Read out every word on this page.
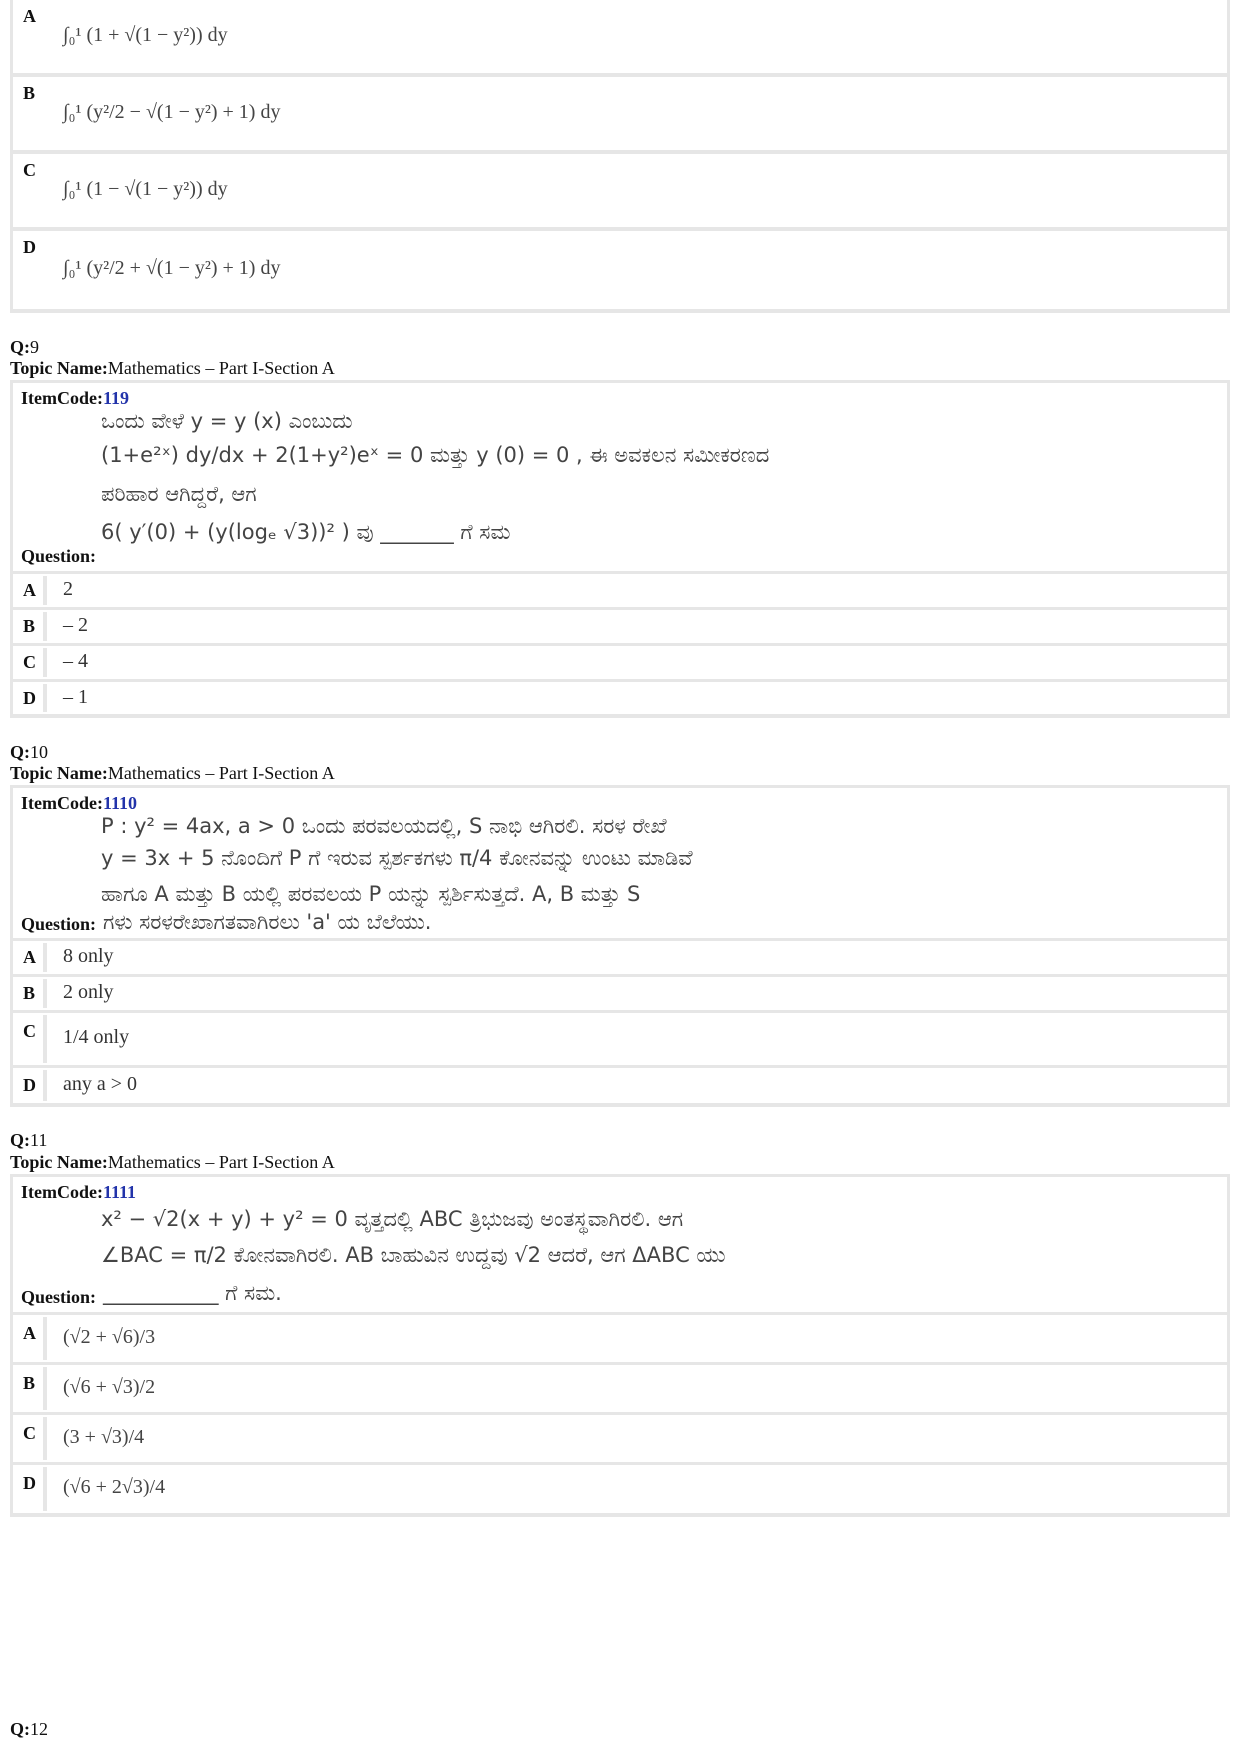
A
∫₀¹ (1 + √(1 − y²)) dy
B
∫₀¹ (y²/2 − √(1 − y²) + 1) dy
C
∫₀¹ (1 − √(1 − y²)) dy
D
∫₀¹ (y²/2 + √(1 − y²) + 1) dy
Q:9
Topic Name:Mathematics – Part I-Section A
ItemCode:119
ಒಂದು ವೇಳೆ y = y (x) ಎಂಬುದು
(1+e²ˣ) dy/dx + 2(1+y²)eˣ = 0 ಮತ್ತು y (0) = 0 , ಈ ಅವಕಲನ ಸಮೀಕರಣದ
ಪರಿಹಾರ ಆಗಿದ್ದರೆ, ಆಗ
6( y′(0) + (y(logₑ √3))² ) ವು _______ ಗೆ ಸಮ
Question:
A 2
B – 2
C – 4
D – 1
Q:10
Topic Name:Mathematics – Part I-Section A
ItemCode:1110
P : y² = 4ax, a > 0 ಒಂದು ಪರವಲಯದಲ್ಲಿ, S ನಾಭಿ ಆಗಿರಲಿ. ಸರಳ ರೇಖೆ
y = 3x + 5 ನೊಂದಿಗೆ P ಗೆ ಇರುವ ಸ್ಪರ್ಶಕಗಳು π/4 ಕೋನವನ್ನು ಉಂಟು ಮಾಡಿವೆ
ಹಾಗೂ A ಮತ್ತು B ಯಲ್ಲಿ ಪರವಲಯ P ಯನ್ನು ಸ್ಪರ್ಶಿಸುತ್ತದೆ. A, B ಮತ್ತು S
Question: ಗಳು ಸರಳರೇಖಾಗತವಾಗಿರಲು 'a' ಯ ಬೆಲೆಯು.
A 8 only
B 2 only
C 1/4 only
D any a > 0
Q:11
Topic Name:Mathematics – Part I-Section A
ItemCode:1111
x² − √2(x + y) + y² = 0 ವೃತ್ತದಲ್ಲಿ ABC ತ್ರಿಭುಜವು ಅಂತಸ್ಥವಾಗಿರಲಿ. ಆಗ
∠BAC = π/2 ಕೋನವಾಗಿರಲಿ. AB ಬಾಹುವಿನ ಉದ್ದವು √2 ಆದರೆ, ಆಗ ΔABC ಯು
Question: ___________ ಗೆ ಸಮ.
A (√2 + √6)/3
B (√6 + √3)/2
C (3 + √3)/4
D (√6 + 2√3)/4
Q:12
